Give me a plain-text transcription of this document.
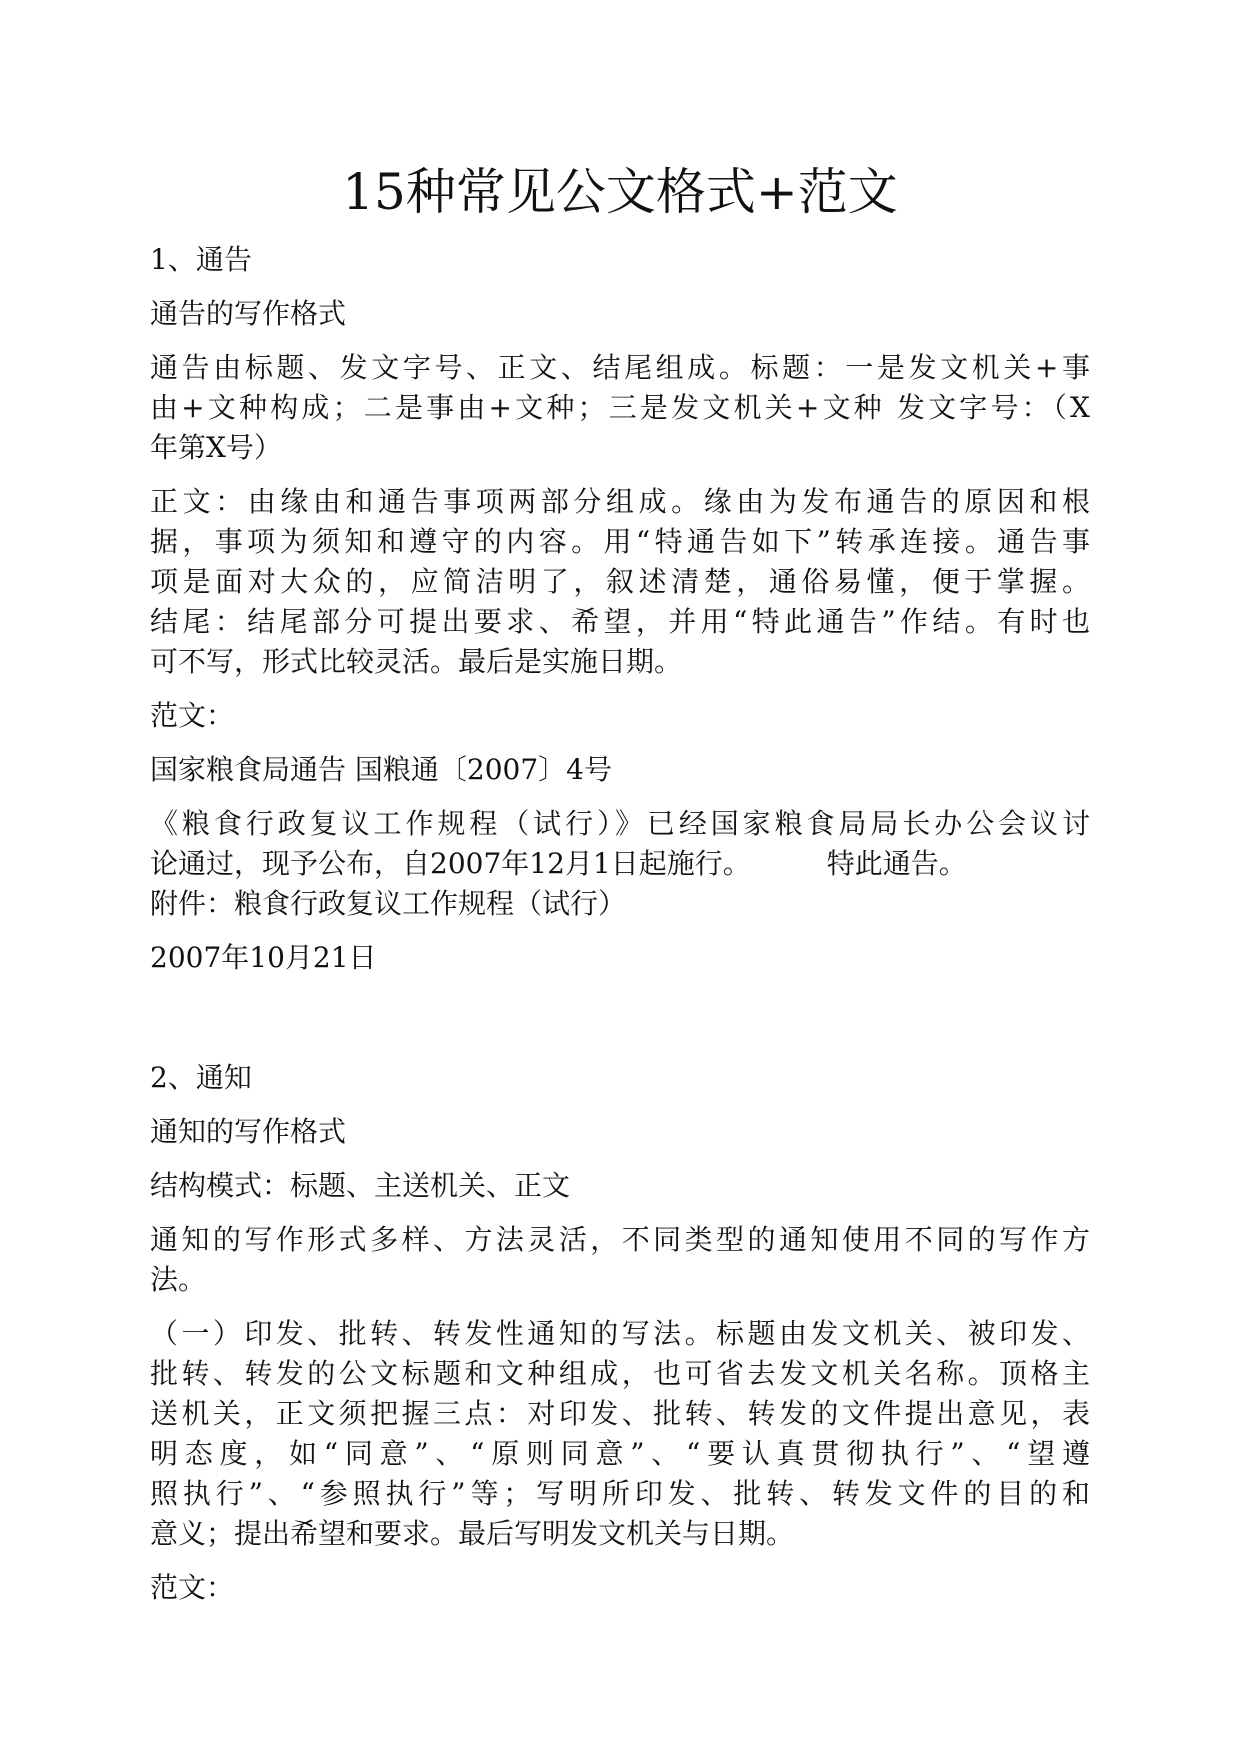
15种常见公文格式+范文

1、通告

通告的写作格式

通告由标题、发文字号、正文、结尾组成。标题：一是发文机关+事

由+文种构成；二是事由+文种；三是发文机关+文种 发文字号：（X

年第X号）

正文：由缘由和通告事项两部分组成。缘由为发布通告的原因和根

据，事项为须知和遵守的内容。用“特通告如下”转承连接。通告事

项是面对大众的，应简洁明了，叙述清楚，通俗易懂，便于掌握。

结尾：结尾部分可提出要求、希望，并用“特此通告”作结。有时也

可不写，形式比较灵活。最后是实施日期。

范文：

国家粮食局通告 国粮通〔2007〕4号

《粮食行政复议工作规程（试行）》已经国家粮食局局长办公会议讨

论通过，现予公布，自2007年12月1日起施行。	特此通告。

附件：粮食行政复议工作规程（试行）

2007年10月21日

2、通知

通知的写作格式

结构模式：标题、主送机关、正文

通知的写作形式多样、方法灵活，不同类型的通知使用不同的写作方

法。

（一）印发、批转、转发性通知的写法。标题由发文机关、被印发、

批转、转发的公文标题和文种组成，也可省去发文机关名称。顶格主

送机关，正文须把握三点：对印发、批转、转发的文件提出意见，表

明态度，如“同意”、“原则同意”、“要认真贯彻执行”、“望遵

照执行”、“参照执行”等；写明所印发、批转、转发文件的目的和

意义；提出希望和要求。最后写明发文机关与日期。

范文：
